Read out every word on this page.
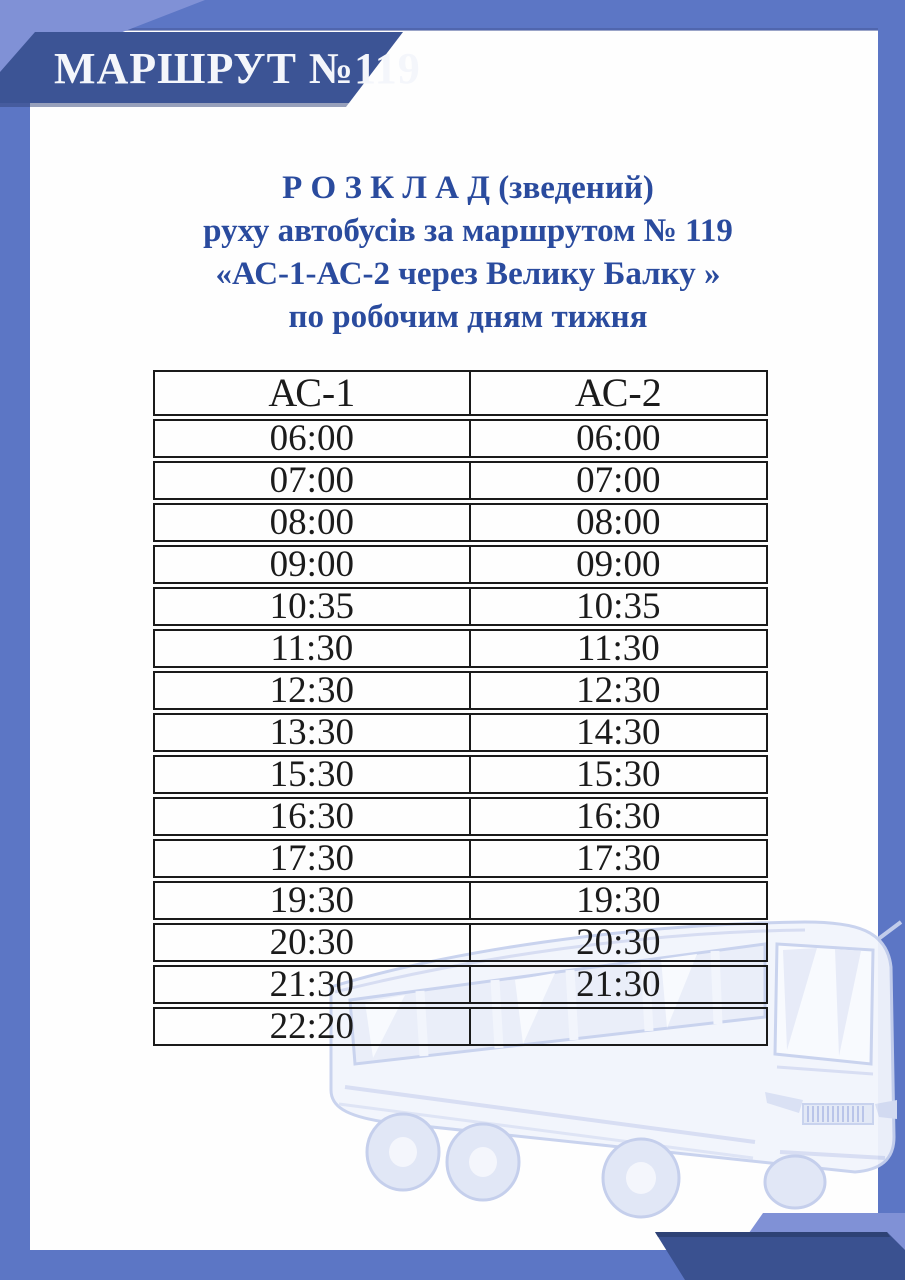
МАРШРУТ №119
Р О З К Л А Д (зведений)
руху автобусів за маршрутом № 119
«АС-1-АС-2 через Велику Балку »
по робочим дням тижня
АС-1	АС-2
06:00	06:00
07:00	07:00
08:00	08:00
09:00	09:00
10:35	10:35
11:30	11:30
12:30	12:30
13:30	14:30
15:30	15:30
16:30	16:30
17:30	17:30
19:30	19:30
20:30	20:30
21:30	21:30
22:20	
